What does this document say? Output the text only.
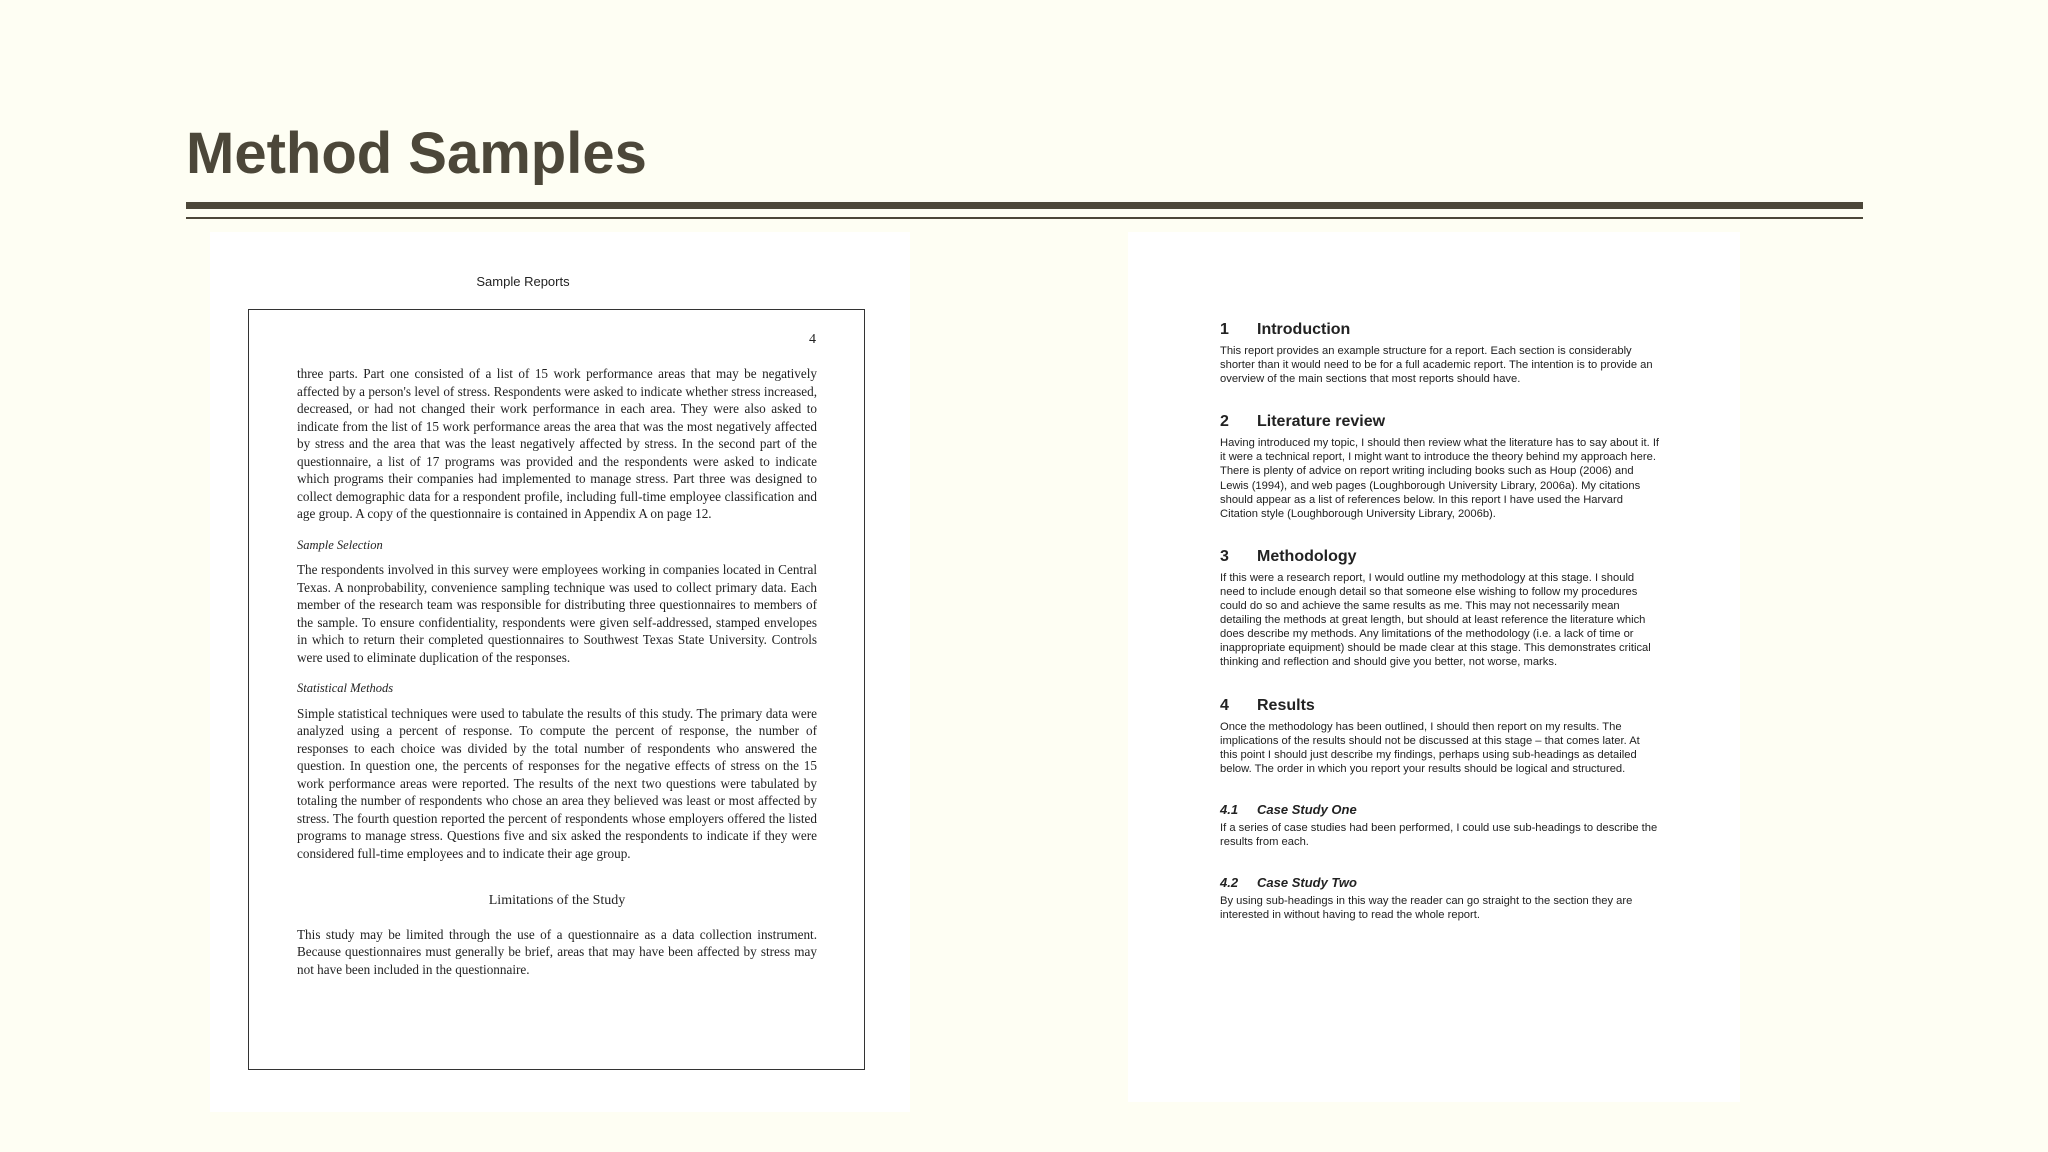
Method Samples
Sample Reports
4

three parts. Part one consisted of a list of 15 work performance areas that may be negatively affected by a person's level of stress. Respondents were asked to indicate whether stress increased, decreased, or had not changed their work performance in each area. They were also asked to indicate from the list of 15 work performance areas the area that was the most negatively affected by stress and the area that was the least negatively affected by stress. In the second part of the questionnaire, a list of 17 programs was provided and the respondents were asked to indicate which programs their companies had implemented to manage stress. Part three was designed to collect demographic data for a respondent profile, including full-time employee classification and age group. A copy of the questionnaire is contained in Appendix A on page 12.

Sample Selection

The respondents involved in this survey were employees working in companies located in Central Texas. A nonprobability, convenience sampling technique was used to collect primary data. Each member of the research team was responsible for distributing three questionnaires to members of the sample. To ensure confidentiality, respondents were given self-addressed, stamped envelopes in which to return their completed questionnaires to Southwest Texas State University. Controls were used to eliminate duplication of the responses.

Statistical Methods

Simple statistical techniques were used to tabulate the results of this study. The primary data were analyzed using a percent of response. To compute the percent of response, the number of responses to each choice was divided by the total number of respondents who answered the question. In question one, the percents of responses for the negative effects of stress on the 15 work performance areas were reported. The results of the next two questions were tabulated by totaling the number of respondents who chose an area they believed was least or most affected by stress. The fourth question reported the percent of respondents whose employers offered the listed programs to manage stress. Questions five and six asked the respondents to indicate if they were considered full-time employees and to indicate their age group.

Limitations of the Study

This study may be limited through the use of a questionnaire as a data collection instrument. Because questionnaires must generally be brief, areas that may have been affected by stress may not have been included in the questionnaire.

1	Introduction

This report provides an example structure for a report. Each section is considerably shorter than it would need to be for a full academic report. The intention is to provide an overview of the main sections that most reports should have.

2	Literature review

Having introduced my topic, I should then review what the literature has to say about it. If it were a technical report, I might want to introduce the theory behind my approach here. There is plenty of advice on report writing including books such as Houp (2006) and Lewis (1994), and web pages (Loughborough University Library, 2006a). My citations should appear as a list of references below. In this report I have used the Harvard Citation style (Loughborough University Library, 2006b).

3	Methodology

If this were a research report, I would outline my methodology at this stage. I should need to include enough detail so that someone else wishing to follow my procedures could do so and achieve the same results as me. This may not necessarily mean detailing the methods at great length, but should at least reference the literature which does describe my methods. Any limitations of the methodology (i.e. a lack of time or inappropriate equipment) should be made clear at this stage. This demonstrates critical thinking and reflection and should give you better, not worse, marks.

4	Results

Once the methodology has been outlined, I should then report on my results. The implications of the results should not be discussed at this stage – that comes later. At this point I should just describe my findings, perhaps using sub-headings as detailed below. The order in which you report your results should be logical and structured.

4.1	Case Study One

If a series of case studies had been performed, I could use sub-headings to describe the results from each.

4.2	Case Study Two

By using sub-headings in this way the reader can go straight to the section they are interested in without having to read the whole report.
